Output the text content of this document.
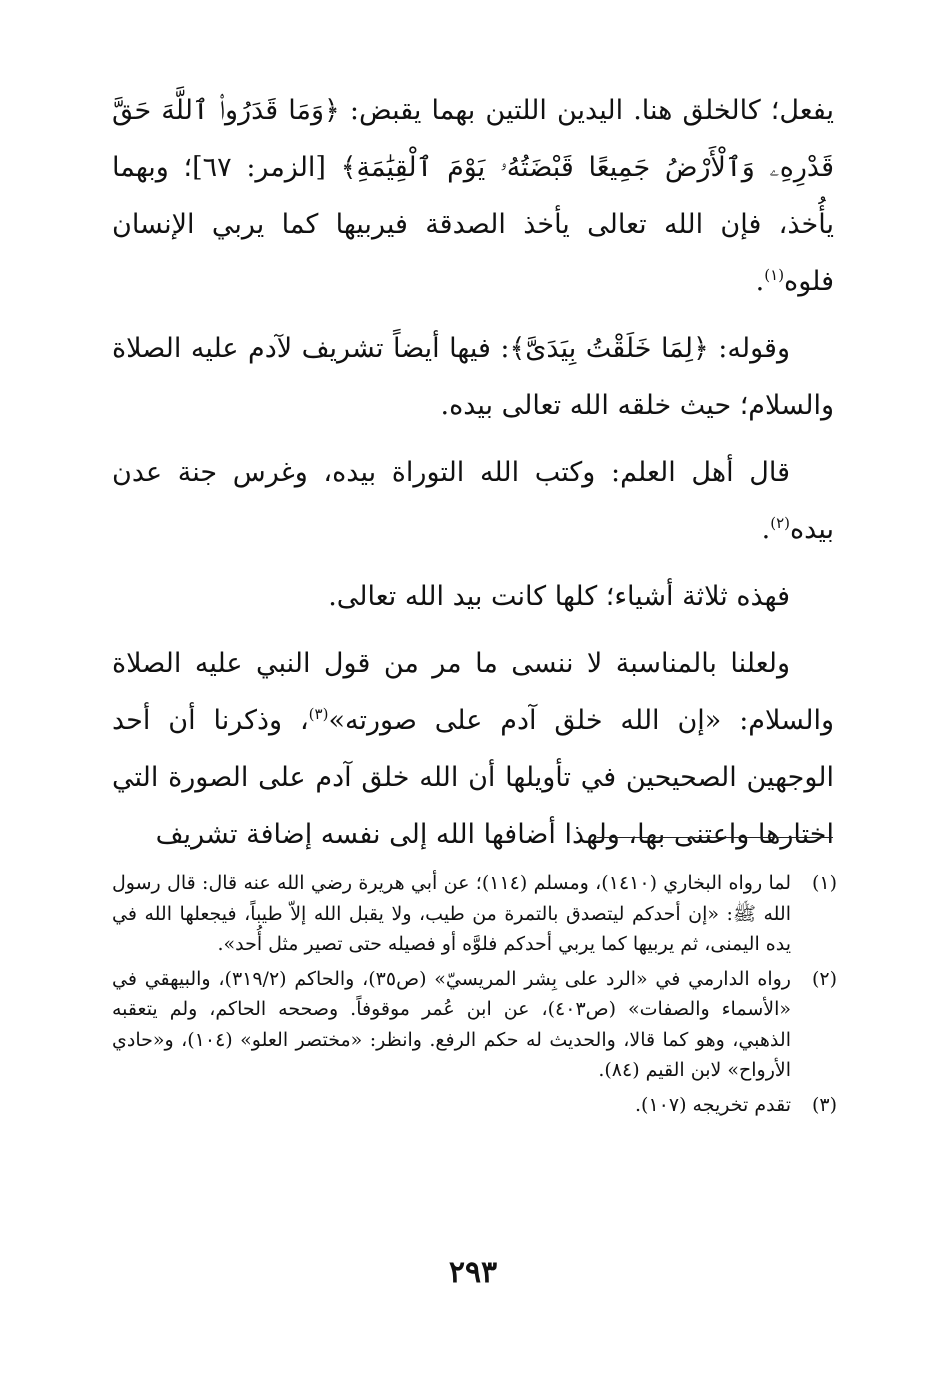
يفعل؛ كالخلق هنا. اليدين اللتين بهما يقبض: ﴿وَمَا قَدَرُوا۟ ٱللَّهَ حَقَّ قَدْرِهِۦ وَٱلْأَرْضُ جَمِيعًا قَبْضَتُهُۥ يَوْمَ ٱلْقِيَٰمَةِ﴾ [الزمر: ٦٧]؛ وبهما يأُخذ، فإن الله تعالى يأخذ الصدقة فيربيها كما يربي الإنسان فلوه$^{(١)}$.

وقوله: ﴿لِمَا خَلَقْتُ بِيَدَىَّ﴾: فيها أيضاً تشريف لآدم عليه الصلاة والسلام؛ حيث خلقه الله تعالى بيده.

قال أهل العلم: وكتب الله التوراة بيده، وغرس جنة عدن بيده$^{(٢)}$.

فهذه ثلاثة أشياء؛ كلها كانت بيد الله تعالى.

ولعلنا بالمناسبة لا ننسى ما مر من قول النبي عليه الصلاة والسلام: «إن الله خلق آدم على صورته»$^{(٣)}$، وذكرنا أن أحد الوجهين الصحيحين في تأويلها أن الله خلق آدم على الصورة التي اختارها واعتنى بها، ولهذا أضافها الله إلى نفسه إضافة تشريف

(١)
لما رواه البخاري (١٤١٠)، ومسلم (١١٤)؛ عن أبي هريرة رضي الله عنه قال: قال رسول الله ﷺ: «إن أحدكم ليتصدق بالتمرة من طيب، ولا يقبل الله إلاّ طيباً، فيجعلها الله في يده اليمنى، ثم يربيها كما يربي أحدكم فلوَّه أو فصيله حتى تصير مثل أُحد».
(٢)
رواه الدارمي في «الرد على بِشر المريسيّ» (ص٣٥)، والحاكم (٣١٩/٢)، والبيهقي في «الأسماء والصفات» (ص٤٠٣)، عن ابن عُمر موقوفاً. وصححه الحاكم، ولم يتعقبه الذهبي، وهو كما قالا، والحديث له حكم الرفع. وانظر: «مختصر العلو» (١٠٤)، و«حادي الأرواح» لابن القيم (٨٤).
(٣)
تقدم تخريجه (١٠٧).
٢٩٣
